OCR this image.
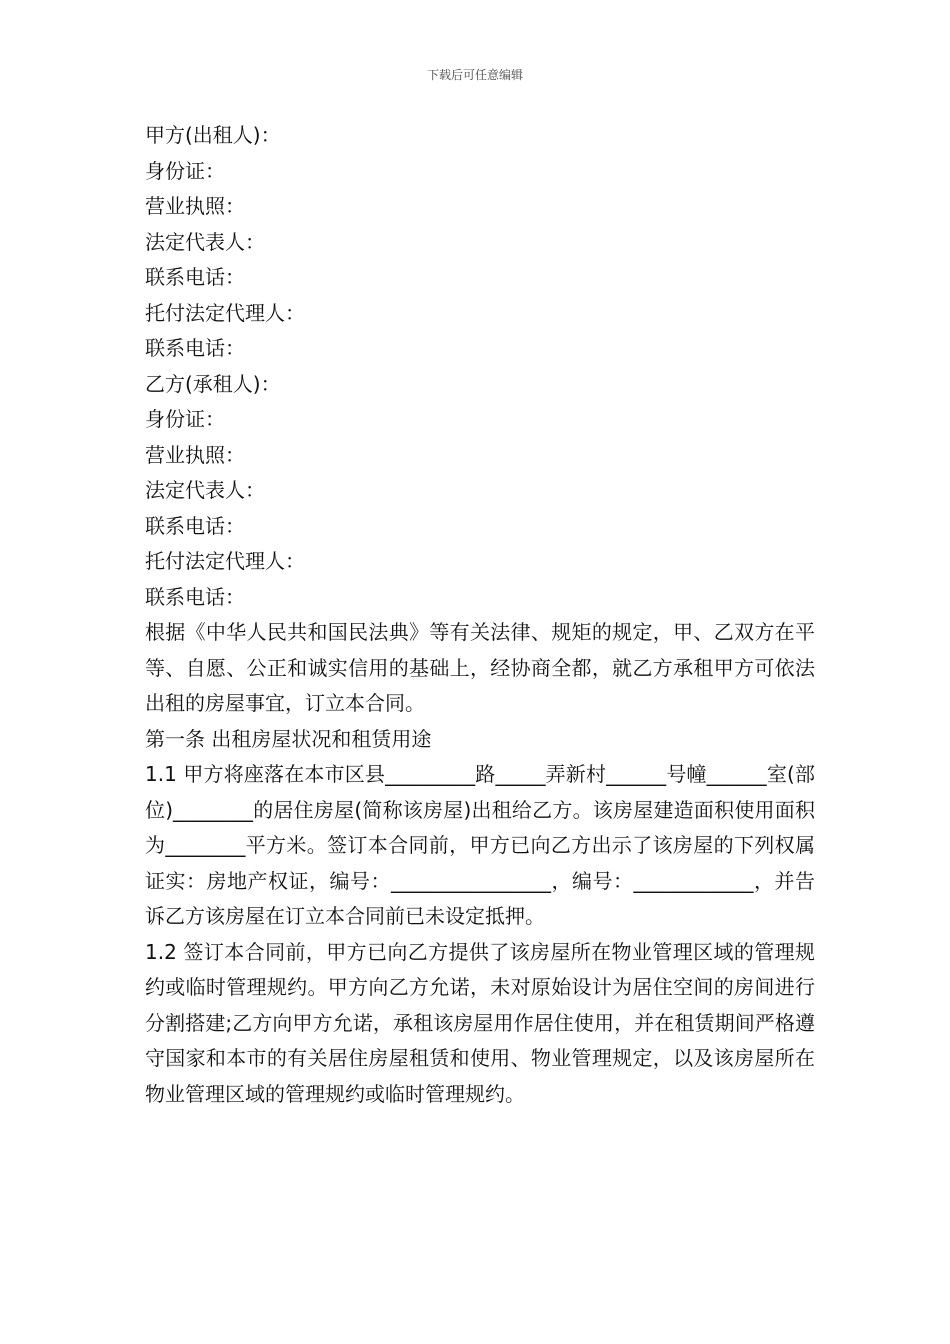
下载后可任意编辑

甲方(出租人)：

身份证：

营业执照：

法定代表人：

联系电话：

托付法定代理人：

联系电话：

乙方(承租人)：

身份证：

营业执照：

法定代表人：

联系电话：

托付法定代理人：

联系电话：

根据《中华人民共和国民法典》等有关法律、规矩的规定，甲、乙双方在平等、自愿、公正和诚实信用的基础上，经协商全都，就乙方承租甲方可依法出租的房屋事宜，订立本合同。

第一条 出租房屋状况和租赁用途

1.1 甲方将座落在本市区县_________路_____弄新村______号幢______室(部位)________的居住房屋(简称该房屋)出租给乙方。该房屋建造面积使用面积为________平方米。签订本合同前，甲方已向乙方出示了该房屋的下列权属证实：房地产权证，编号：________________，编号：____________，并告诉乙方该房屋在订立本合同前已未设定抵押。

1.2 签订本合同前，甲方已向乙方提供了该房屋所在物业管理区域的管理规约或临时管理规约。甲方向乙方允诺，未对原始设计为居住空间的房间进行分割搭建;乙方向甲方允诺，承租该房屋用作居住使用，并在租赁期间严格遵守国家和本市的有关居住房屋租赁和使用、物业管理规定，以及该房屋所在物业管理区域的管理规约或临时管理规约。
